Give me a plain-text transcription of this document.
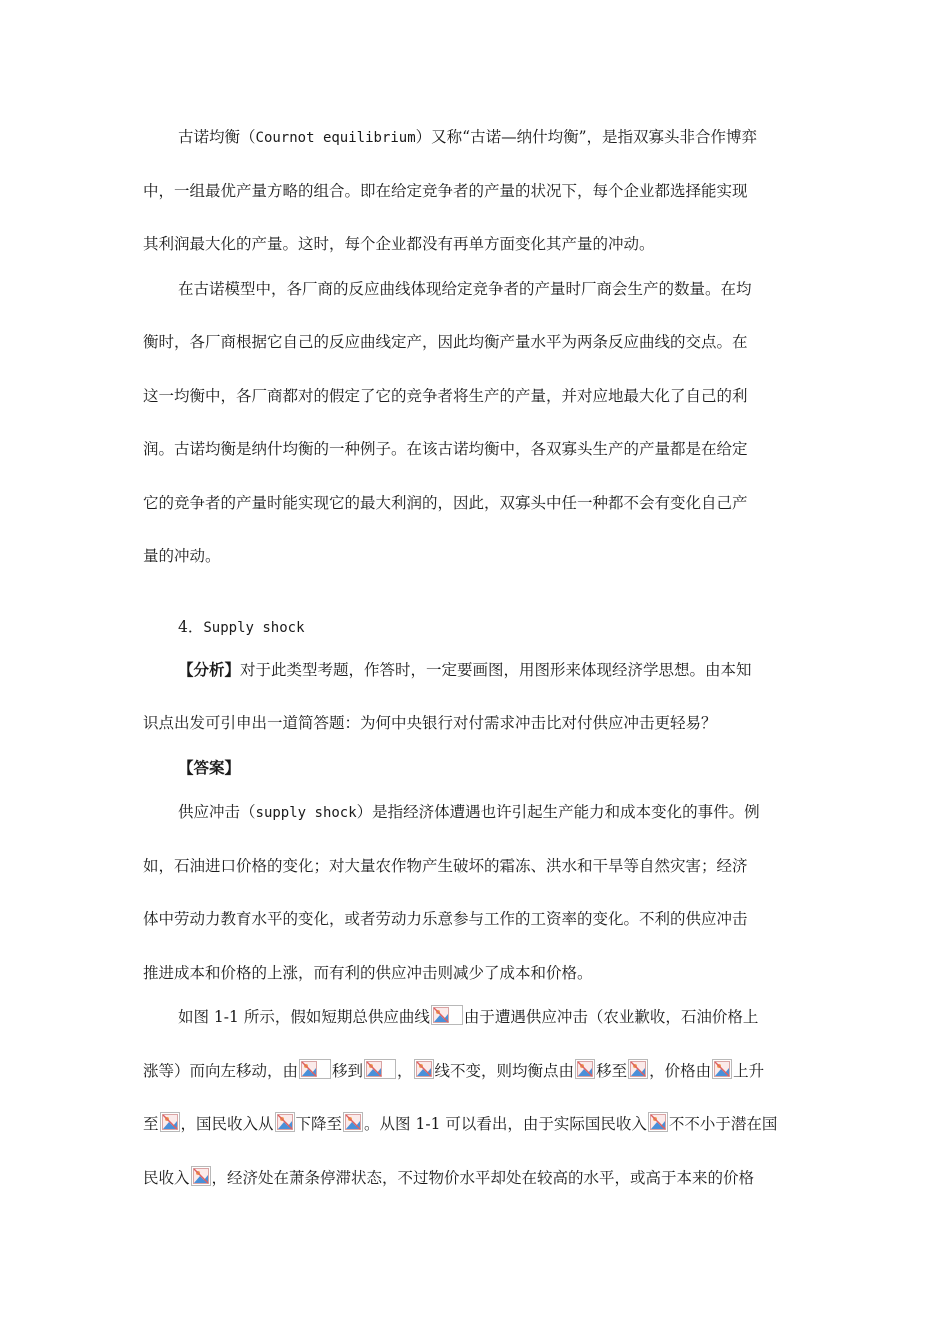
古诺均衡（Cournot equilibrium）又称“古诺—纳什均衡”，是指双寡头非合作博弈
中，一组最优产量方略的组合。即在给定竞争者的产量的状况下，每个企业都选择能实现
其利润最大化的产量。这时，每个企业都没有再单方面变化其产量的冲动。
在古诺模型中，各厂商的反应曲线体现给定竞争者的产量时厂商会生产的数量。在均
衡时，各厂商根据它自己的反应曲线定产，因此均衡产量水平为两条反应曲线的交点。在
这一均衡中，各厂商都对的假定了它的竞争者将生产的产量，并对应地最大化了自己的利
润。古诺均衡是纳什均衡的一种例子。在该古诺均衡中，各双寡头生产的产量都是在给定
它的竞争者的产量时能实现它的最大利润的，因此，双寡头中任一种都不会有变化自己产
量的冲动。
4．Supply shock
【分析】对于此类型考题，作答时，一定要画图，用图形来体现经济学思想。由本知
识点出发可引申出一道简答题：为何中央银行对付需求冲击比对付供应冲击更轻易？
【答案】
供应冲击（supply shock）是指经济体遭遇也许引起生产能力和成本变化的事件。例
如，石油进口价格的变化；对大量农作物产生破坏的霜冻、洪水和干旱等自然灾害；经济
体中劳动力教育水平的变化，或者劳动力乐意参与工作的工资率的变化。不利的供应冲击
推进成本和价格的上涨，而有利的供应冲击则减少了成本和价格。
如图 1-1 所示，假如短期总供应曲线 由于遭遇供应冲击（农业歉收，石油价格上
涨等）而向左移动，由 移到 ， 线不变，则均衡点由 移至 ，价格由 上升
至 ，国民收入从 下降至 。从图 1-1 可以看出，由于实际国民收入 不不小于潜在国
民收入 ，经济处在萧条停滞状态，不过物价水平却处在较高的水平，或高于本来的价格
